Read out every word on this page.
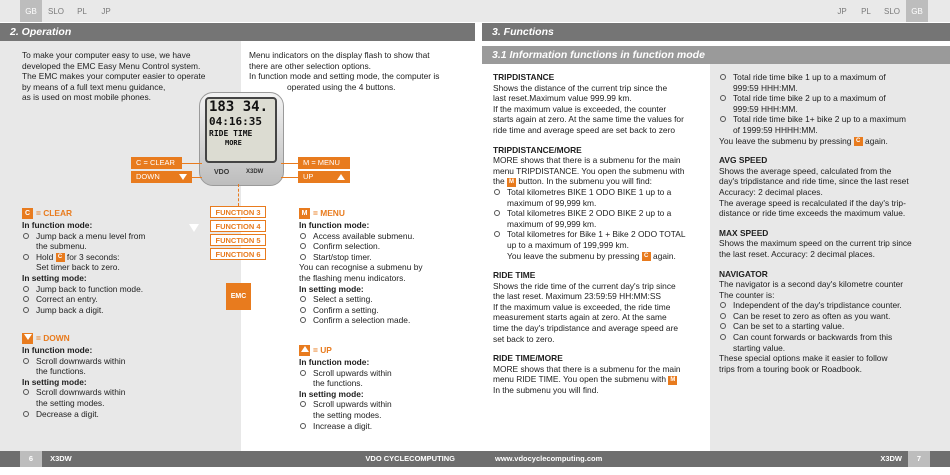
GB	SLO	PL	JP	JP	PL	SLO	GB
2. Operation	3. Functions

To make your computer easy to use, we have

developed the EMC Easy Menu Control system.

The EMC makes your computer easier to operate

by means of a full text menu guidance,

as is used on most mobile phones.

Menu indicators on the display flash to show that

there are other selection options.

In function mode and setting mode, the computer is

operated using the 4 buttons.

183 34.
04:16:35
RIDE TIME
MORE
VDO	X3DW
C = CLEAR
DOWN
M = MENU
UP
FUNCTION 3
FUNCTION 4
FUNCTION 5
FUNCTION 6
EMC
C = CLEAR
In function mode:
Jump back a menu level from
the submenu.
Hold C for 3 seconds:
Set timer back to zero.
In setting mode:
Jump back to function mode.
Correct an entry.
Jump back a digit.
= DOWN
In function mode:
Scroll downwards within
the functions.
In setting mode:
Scroll downwards within
the setting modes.
Decrease a digit.
M = MENU
In function mode:
Access available submenu.
Confirm selection.
Start/stop timer.

You can recognise a submenu by

the flashing menu indicators.

In setting mode:
Select a setting.
Confirm a setting.
Confirm a selection made.
= UP
In function mode:
Scroll upwards within
the functions.
In setting mode:
Scroll upwards within
the setting modes.
Increase a digit.
3.1 Information functions in function mode
TRIPDISTANCE

Shows the distance of the current trip since the

last reset.Maximum value 999.99 km.

If the maximum value is exceeded, the counter

starts again at zero. At the same time the values for

ride time and average speed are set back to zero

TRIPDISTANCE/MORE

MORE shows that there is a submenu for the main

menu TRIPDISTANCE. You open the submenu with

the M button. In the submenu you will find:

Total kilometres BIKE 1 ODO BIKE 1 up to a
maximum of 99,999 km.
Total kilometres BIKE 2 ODO BIKE 2 up to a
maximum of 99,999 km.
Total kilometres for Bike 1 + Bike 2 ODO TOTAL
up to a maximum of 199,999 km.
You leave the submenu by pressing C again.
RIDE TIME

Shows the ride time of the current day's trip since

the last reset. Maximum 23:59:59 HH:MM:SS

If the maximum value is exceeded, the ride time

measurement starts again at zero. At the same

time the day's tripdistance and average speed are

set back to zero.

RIDE TIME/MORE

MORE shows that there is a submenu for the main

menu RIDE TIME. You open the submenu with M

In the submenu you will find.

Total ride time bike 1 up to a maximum of
999:59 HHH:MM.
Total ride time bike 2 up to a maximum of
999:59 HHH:MM.
Total ride time bike 1+ bike 2 up to a maximum
of 1999:59 HHHH:MM.

You leave the submenu by pressing C again.

AVG SPEED

Shows the average speed, calculated from the

day's tripdistance and ride time, since the last reset

Accuracy: 2 decimal places.

The average speed is recalculated if the day's trip-

distance or ride time exceeds the maximum value.

MAX SPEED

Shows the maximum speed on the current trip since

the last reset. Accuracy: 2 decimal places.

NAVIGATOR

The navigator is a second day's kilometre counter

The counter is:

Independent of the day's tripdistance counter.
Can be reset to zero as often as you want.
Can be set to a starting value.
Can count forwards or backwards from this
starting value.

These special options make it easier to follow

trips from a touring book or Roadbook.

6 X3DW	VDO CYCLECOMPUTING	www.vdocyclecomputing.com	X3DW	7
